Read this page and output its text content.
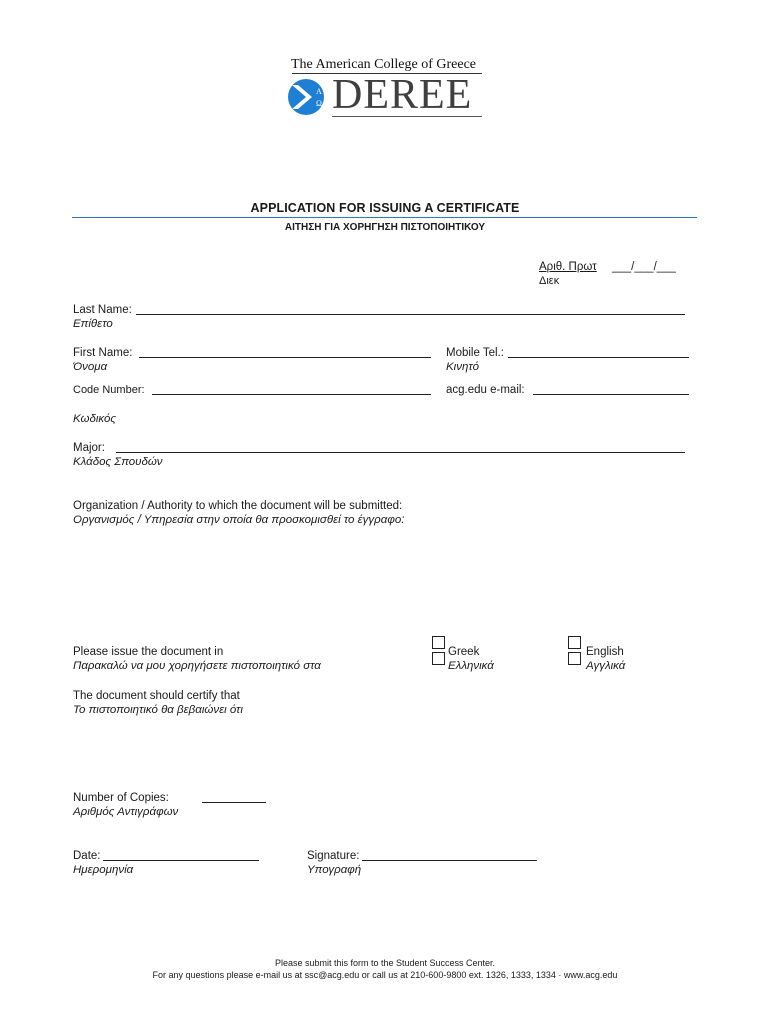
The American College of Greece
Α
Ω DEREE
APPLICATION FOR ISSUING A CERTIFICATE
ΑΙΤΗΣΗ ΓΙΑ ΧΟΡΗΓΗΣΗ ΠΙΣΤΟΠΟΙΗΤΙΚΟΥ
Αριθ. Πρωτ ___/___/___
Διεκ
Last Name:
Επίθετο
First Name:
Όνομα
Mobile Tel.:
Κινητό
Code Number:
Κωδικός
acg.edu e-mail:
Major:
Κλάδος Σπουδών
Organization / Authority to which the document will be submitted:
Οργανισμός / Υπηρεσία στην οποία θα προσκομισθεί το έγγραφο:
Please issue the document in
Παρακαλώ να μου χορηγήσετε πιστοποιητικό στα
Greek
Ελληνικά
English
Αγγλικά
The document should certify that
Το πιστοποιητικό θα βεβαιώνει ότι
Number of Copies:
Αριθμός Αντιγράφων
Date:
Ημερομηνία
Signature:
Υπογραφή
Please submit this form to the Student Success Center.
For any questions please e-mail us at ssc@acg.edu or call us at 210-600-9800 ext. 1326, 1333, 1334 · www.acg.edu
